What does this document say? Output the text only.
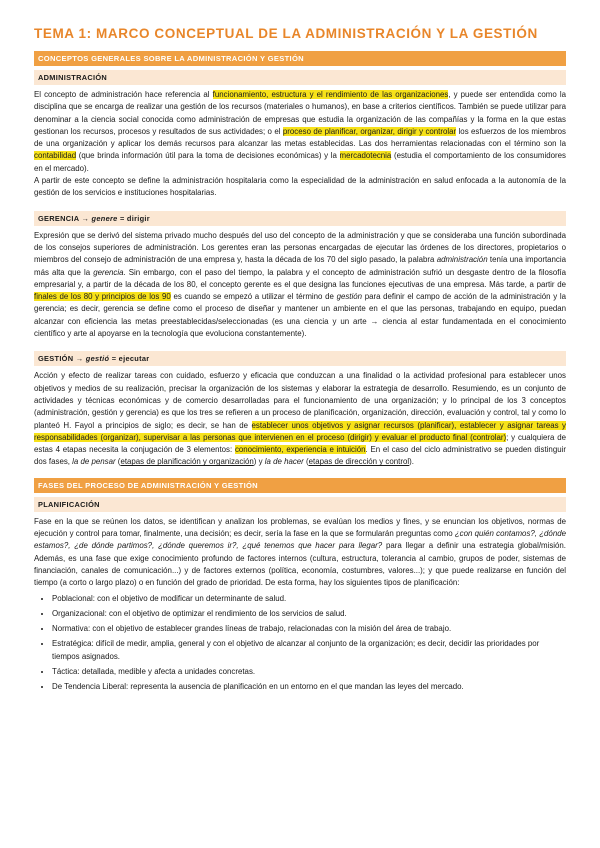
TEMA 1: MARCO CONCEPTUAL DE LA ADMINISTRACIÓN Y LA GESTIÓN
CONCEPTOS GENERALES SOBRE LA ADMINISTRACIÓN Y GESTIÓN
ADMINISTRACIÓN

El concepto de administración hace referencia al funcionamiento, estructura y el rendimiento de las organizaciones, y puede ser entendida como la disciplina que se encarga de realizar una gestión de los recursos (materiales o humanos), en base a criterios científicos. También se puede utilizar para denominar a la ciencia social conocida como administración de empresas que estudia la organización de las compañías y la forma en la que estas gestionan los recursos, procesos y resultados de sus actividades; o el proceso de planificar, organizar, dirigir y controlar los esfuerzos de los miembros de una organización y aplicar los demás recursos para alcanzar las metas establecidas. Las dos herramientas relacionadas con el término son la contabilidad (que brinda información útil para la toma de decisiones económicas) y la mercadotecnia (estudia el comportamiento de los consumidores en el mercado).

A partir de este concepto se define la administración hospitalaria como la especialidad de la administración en salud enfocada a la autonomía de la gestión de los servicios e instituciones hospitalarias.

GERENCIA → genere = dirigir

Expresión que se derivó del sistema privado mucho después del uso del concepto de la administración y que se consideraba una función subordinada de los consejos superiores de administración. Los gerentes eran las personas encargadas de ejecutar las órdenes de los directores, propietarios o miembros del consejo de administración de una empresa y, hasta la década de los 70 del siglo pasado, la palabra administración tenía una importancia más alta que la gerencia. Sin embargo, con el paso del tiempo, la palabra y el concepto de administración sufrió un desgaste dentro de la filosofía empresarial y, a partir de la década de los 80, el concepto gerente es el que designa las funciones ejecutivas de una empresa. Más tarde, a partir de finales de los 80 y principios de los 90 es cuando se empezó a utilizar el término de gestión para definir el campo de acción de la administración y la gerencia; es decir, gerencia se define como el proceso de diseñar y mantener un ambiente en el que las personas, trabajando en equipo, puedan alcanzar con eficiencia las metas preestablecidas/seleccionadas (es una ciencia y un arte → ciencia al estar fundamentada en el conocimiento científico y arte al apoyarse en la tecnología que evoluciona constantemente).

GESTIÓN → gestió = ejecutar

Acción y efecto de realizar tareas con cuidado, esfuerzo y eficacia que conduzcan a una finalidad o la actividad profesional para establecer unos objetivos y medios de su realización, precisar la organización de los sistemas y elaborar la estrategia de desarrollo. Resumiendo, es un conjunto de actividades y técnicas económicas y de comercio desarrolladas para el funcionamiento de una organización; y lo principal de los 3 conceptos (administración, gestión y gerencia) es que los tres se refieren a un proceso de planificación, organización, dirección, evaluación y control, tal y como lo planteó H. Fayol a principios de siglo; es decir, se han de establecer unos objetivos y asignar recursos (planificar), establecer y asignar tareas y responsabilidades (organizar), supervisar a las personas que intervienen en el proceso (dirigir) y evaluar el producto final (controlar); y cualquiera de estas 4 etapas necesita la conjugación de 3 elementos: conocimiento, experiencia e intuición. En el caso del ciclo administrativo se pueden distinguir dos fases, la de pensar (etapas de planificación y organización) y la de hacer (etapas de dirección y control).

FASES DEL PROCESO DE ADMINISTRACIÓN Y GESTIÓN
PLANIFICACIÓN

Fase en la que se reúnen los datos, se identifican y analizan los problemas, se evalúan los medios y fines, y se enuncian los objetivos, normas de ejecución y control para tomar, finalmente, una decisión; es decir, sería la fase en la que se formularán preguntas como ¿con quién contamos?, ¿dónde estamos?, ¿de dónde partimos?, ¿dónde queremos ir?, ¿qué tenemos que hacer para llegar? para llegar a definir una estrategia global/misión. Además, es una fase que exige conocimiento profundo de factores internos (cultura, estructura, tolerancia al cambio, grupos de poder, sistemas de financiación, canales de comunicación...) y de factores externos (política, economía, costumbres, valores...); y que puede realizarse en función del tiempo (a corto o largo plazo) o en función del grado de prioridad. De esta forma, hay los siguientes tipos de planificación:

• Poblacional: con el objetivo de modificar un determinante de salud.
• Organizacional: con el objetivo de optimizar el rendimiento de los servicios de salud.
• Normativa: con el objetivo de establecer grandes líneas de trabajo, relacionadas con la misión del área de trabajo.
• Estratégica: difícil de medir, amplia, general y con el objetivo de alcanzar al conjunto de la organización; es decir, decidir las prioridades por tiempos asignados.
• Táctica: detallada, medible y afecta a unidades concretas.
• De Tendencia Liberal: representa la ausencia de planificación en un entorno en el que mandan las leyes del mercado.
